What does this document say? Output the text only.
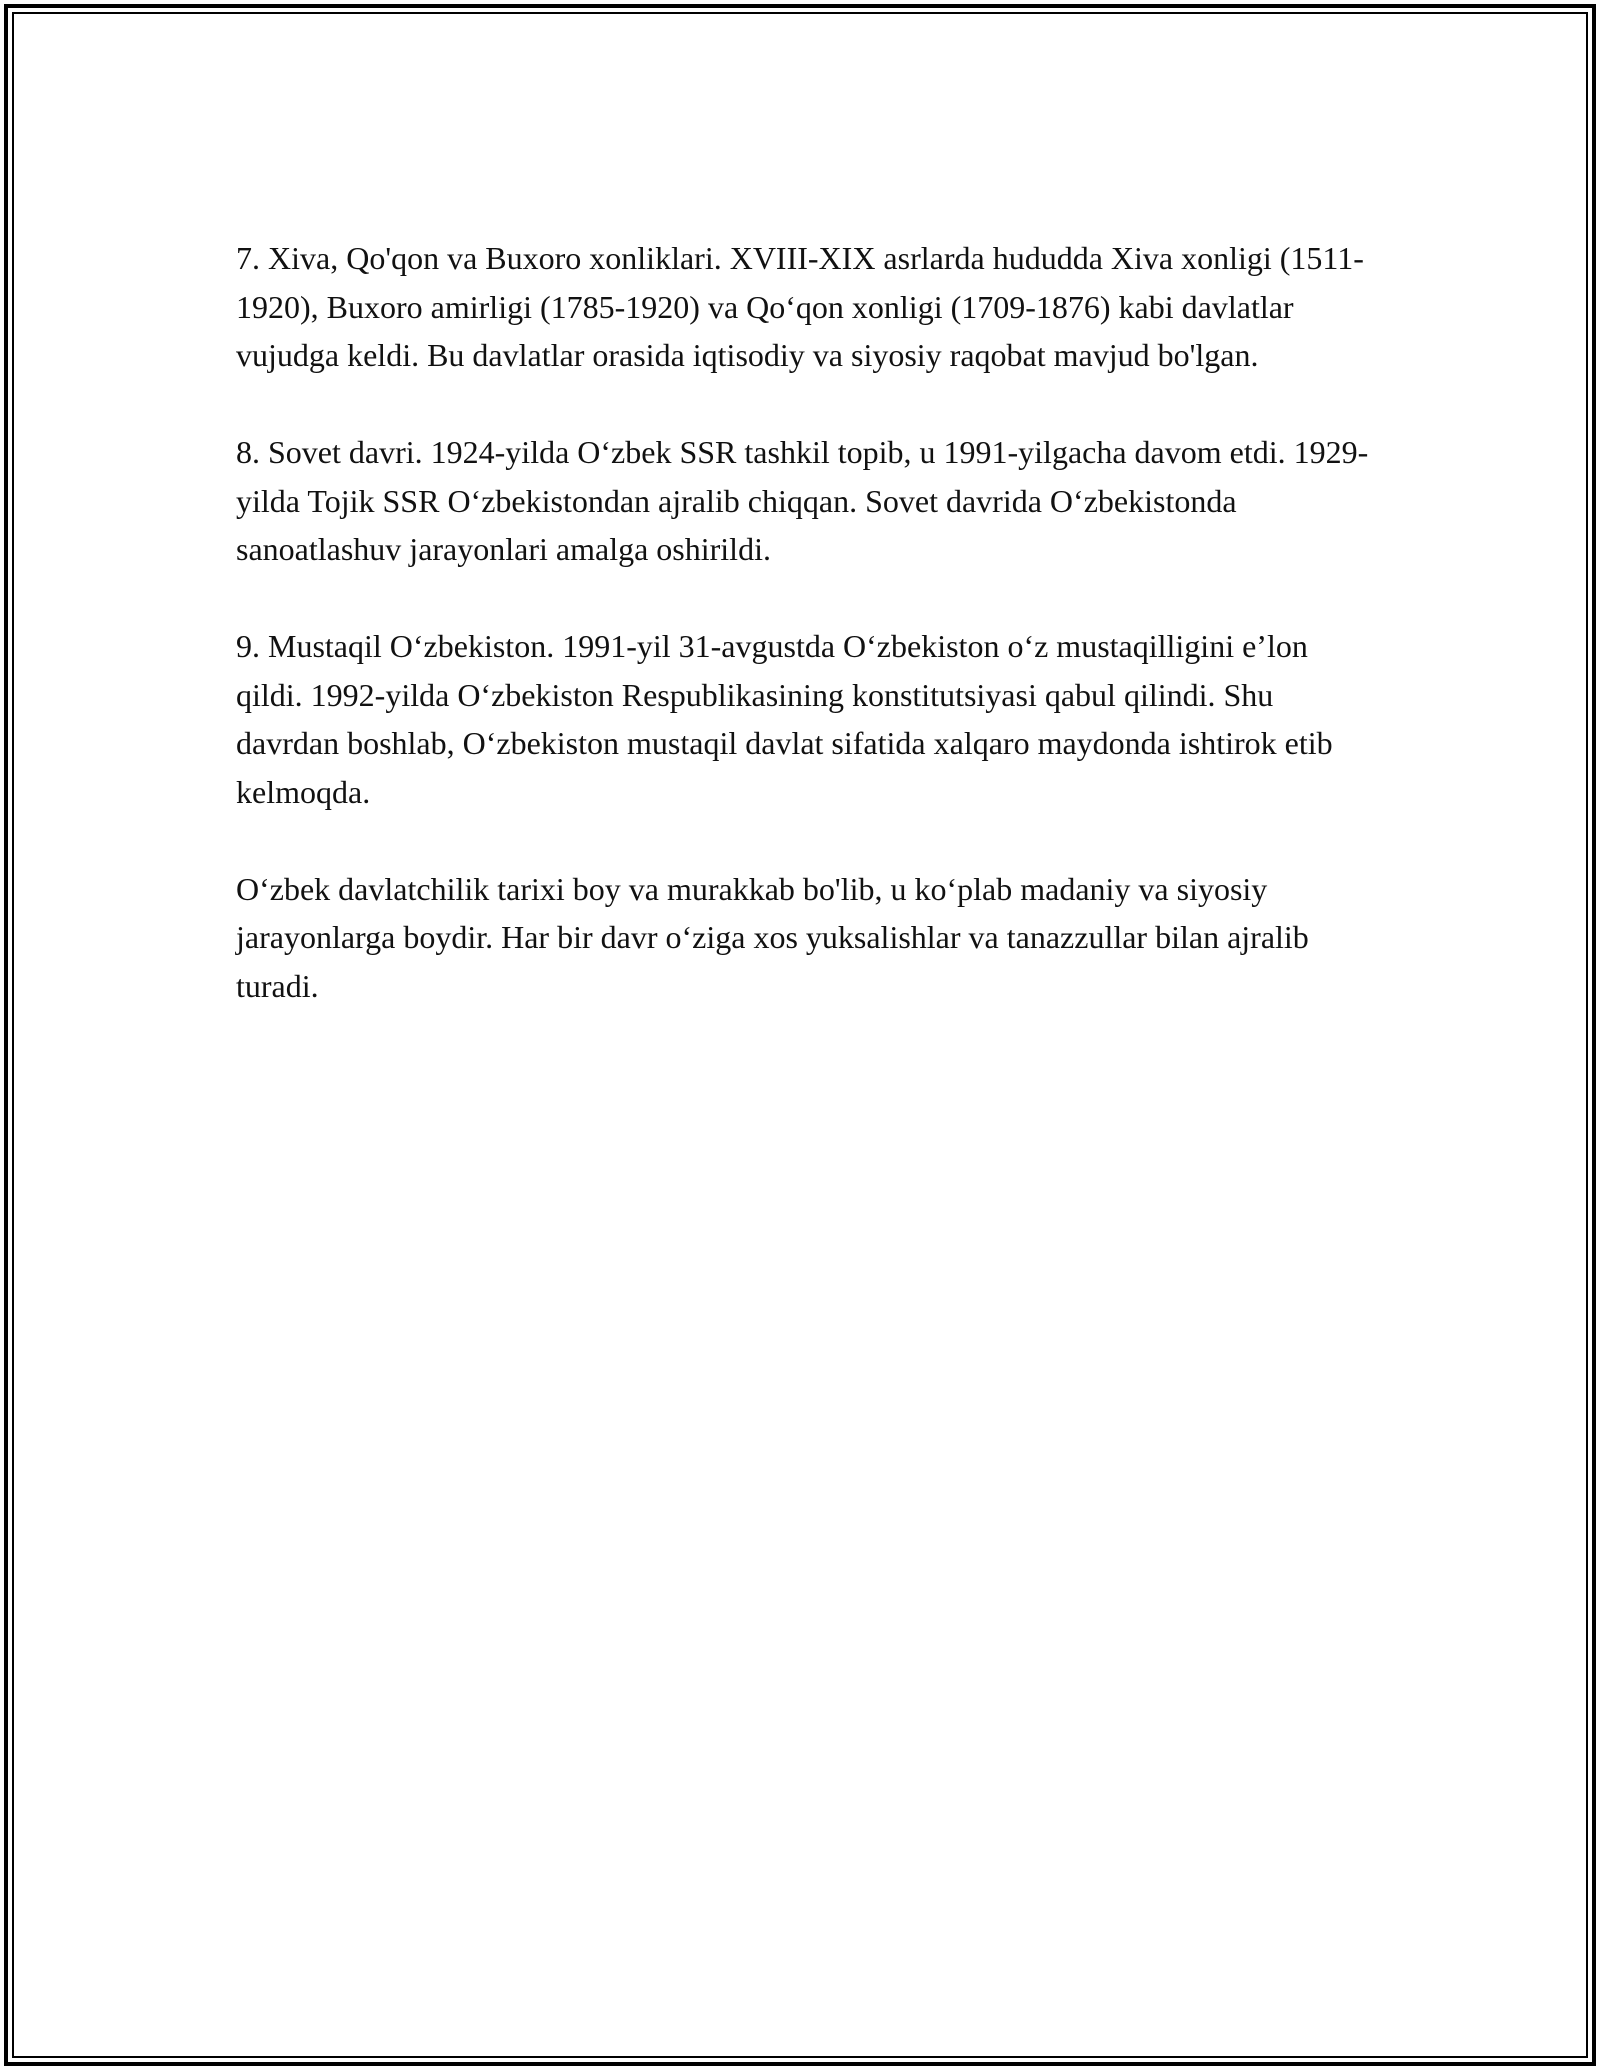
7. Xiva, Qo'qon va Buxoro xonliklari. XVIII-XIX asrlarda hududda Xiva xonligi (1511-1920), Buxoro amirligi (1785-1920) va Qo‘qon xonligi (1709-1876) kabi davlatlar vujudga keldi. Bu davlatlar orasida iqtisodiy va siyosiy raqobat mavjud bo'lgan.

8. Sovet davri. 1924-yilda O‘zbek SSR tashkil topib, u 1991-yilgacha davom etdi. 1929-yilda Tojik SSR O‘zbekistondan ajralib chiqqan. Sovet davrida O‘zbekistonda sanoatlashuv jarayonlari amalga oshirildi.

9. Mustaqil O‘zbekiston. 1991-yil 31-avgustda O‘zbekiston o‘z mustaqilligini e’lon qildi. 1992-yilda O‘zbekiston Respublikasining konstitutsiyasi qabul qilindi. Shu davrdan boshlab, O‘zbekiston mustaqil davlat sifatida xalqaro maydonda ishtirok etib kelmoqda.

O‘zbek davlatchilik tarixi boy va murakkab bo'lib, u ko‘plab madaniy va siyosiy jarayonlarga boydir. Har bir davr o‘ziga xos yuksalishlar va tanazzullar bilan ajralib turadi.
